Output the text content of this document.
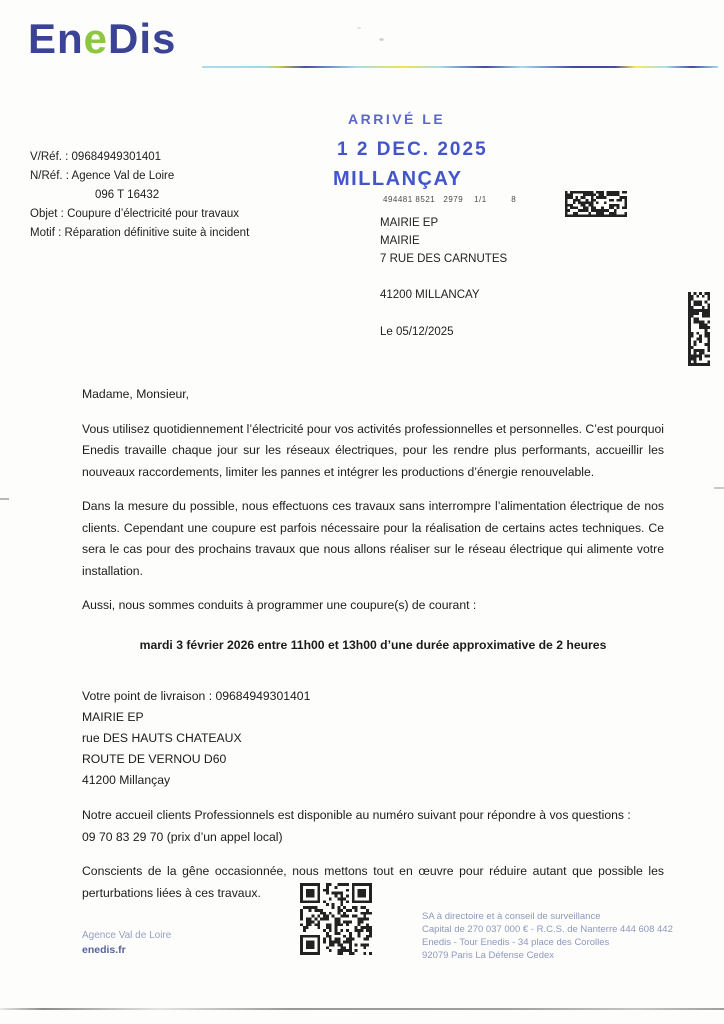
EneDis
ARRIVÉ LE
1 2 DEC. 2025
MILLANÇAY
494481 8521   2979    1/1         8
V/Réf. : 09684949301401
N/Réf. : Agence Val de Loire
096 T 16432
Objet : Coupure d’électricité pour travaux
Motif : Réparation définitive suite à incident
MAIRIE EP
MAIRIE
7 RUE DES CARNUTES
41200 MILLANCAY
Le 05/12/2025

Madame, Monsieur,

Vous utilisez quotidiennement l’électricité pour vos activités professionnelles et personnelles. C’est pourquoi Enedis travaille chaque jour sur les réseaux électriques, pour les rendre plus performants, accueillir les nouveaux raccordements, limiter les pannes et intégrer les productions d’énergie renouvelable.

Dans la mesure du possible, nous effectuons ces travaux sans interrompre l’alimentation électrique de nos clients. Cependant une coupure est parfois nécessaire pour la réalisation de certains actes techniques. Ce sera le cas pour des prochains travaux que nous allons réaliser sur le réseau électrique qui alimente votre installation.

Aussi, nous sommes conduits à programmer une coupure(s) de courant :

mardi 3 février 2026 entre 11h00 et 13h00 d’une durée approximative de 2 heures

Votre point de livraison : 09684949301401
MAIRIE EP
rue DES HAUTS CHATEAUX
ROUTE DE VERNOU D60
41200 Millançay

Notre accueil clients Professionnels est disponible au numéro suivant pour répondre à vos questions :
09 70 83 29 70 (prix d’un appel local)

Conscients de la gêne occasionnée, nous mettons tout en œuvre pour réduire autant que possible les perturbations liées à ces travaux.

Agence Val de Loire
enedis.fr
SA à directoire et à conseil de surveillance
Capital de 270 037 000 € - R.C.S. de Nanterre 444 608 442
Enedis - Tour Enedis - 34 place des Corolles
92079 Paris La Défense Cedex
